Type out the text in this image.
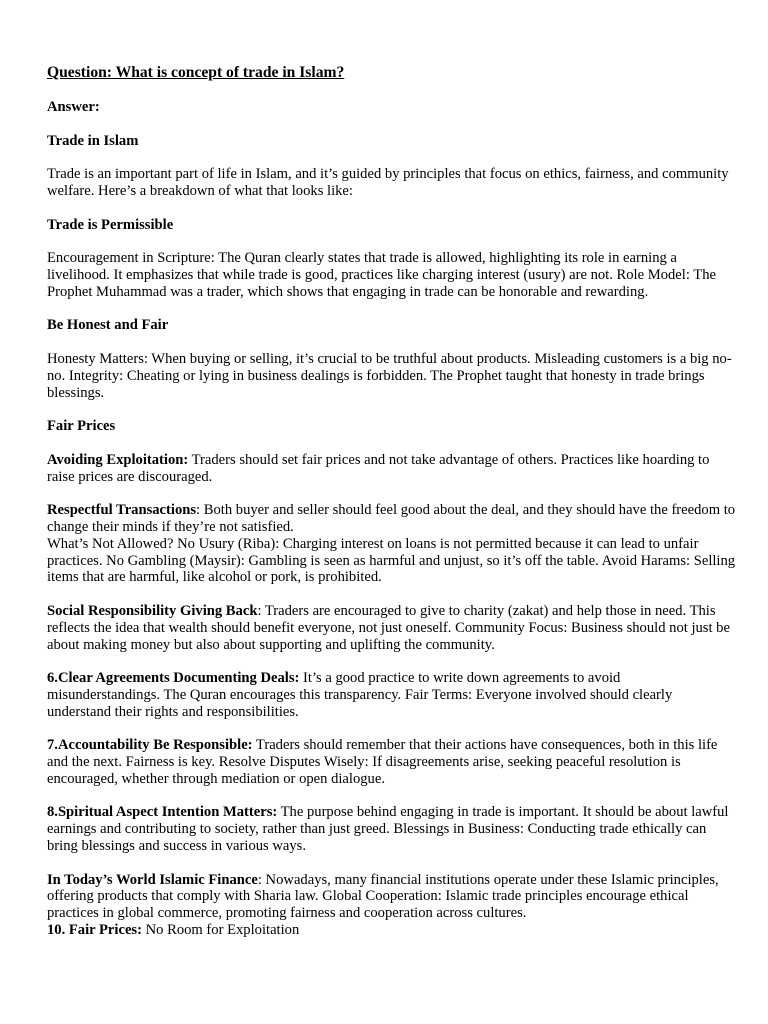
Question: What is concept of trade in Islam?
Answer:
Trade in Islam

Trade is an important part of life in Islam, and it’s guided by principles that focus on ethics, fairness, and community welfare. Here’s a breakdown of what that looks like:

Trade is Permissible

Encouragement in Scripture: The Quran clearly states that trade is allowed, highlighting its role in earning a livelihood. It emphasizes that while trade is good, practices like charging interest (usury) are not. Role Model: The Prophet Muhammad was a trader, which shows that engaging in trade can be honorable and rewarding.

Be Honest and Fair

Honesty Matters: When buying or selling, it’s crucial to be truthful about products. Misleading customers is a big no-no. Integrity: Cheating or lying in business dealings is forbidden. The Prophet taught that honesty in trade brings blessings.

Fair Prices

Avoiding Exploitation: Traders should set fair prices and not take advantage of others. Practices like hoarding to raise prices are discouraged.

Respectful Transactions: Both buyer and seller should feel good about the deal, and they should have the freedom to change their minds if they’re not satisfied.

What’s Not Allowed? No Usury (Riba): Charging interest on loans is not permitted because it can lead to unfair practices. No Gambling (Maysir): Gambling is seen as harmful and unjust, so it’s off the table. Avoid Harams: Selling items that are harmful, like alcohol or pork, is prohibited.

Social Responsibility Giving Back: Traders are encouraged to give to charity (zakat) and help those in need. This reflects the idea that wealth should benefit everyone, not just oneself. Community Focus: Business should not just be about making money but also about supporting and uplifting the community.

6.Clear Agreements Documenting Deals: It’s a good practice to write down agreements to avoid misunderstandings. The Quran encourages this transparency. Fair Terms: Everyone involved should clearly understand their rights and responsibilities.

7.Accountability Be Responsible: Traders should remember that their actions have consequences, both in this life and the next. Fairness is key. Resolve Disputes Wisely: If disagreements arise, seeking peaceful resolution is encouraged, whether through mediation or open dialogue.

8.Spiritual Aspect Intention Matters: The purpose behind engaging in trade is important. It should be about lawful earnings and contributing to society, rather than just greed. Blessings in Business: Conducting trade ethically can bring blessings and success in various ways.

In Today’s World Islamic Finance: Nowadays, many financial institutions operate under these Islamic principles, offering products that comply with Sharia law. Global Cooperation: Islamic trade principles encourage ethical practices in global commerce, promoting fairness and cooperation across cultures.

10. Fair Prices: No Room for Exploitation
